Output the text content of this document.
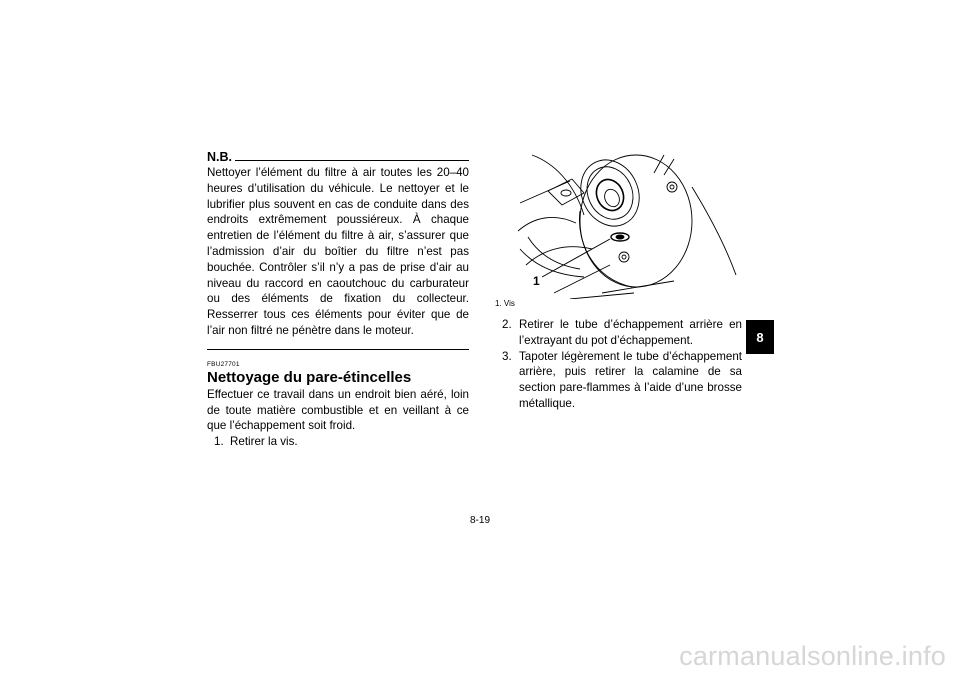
N.B.

Nettoyer l’élément du filtre à air toutes les 20–40 heures d’utilisation du véhicule. Le nettoyer et le lubrifier plus souvent en cas de conduite dans des endroits extrêmement poussiéreux. À chaque entretien de l’élément du filtre à air, s’assurer que l’admission d’air du boîtier du filtre n’est pas bouchée. Contrôler s’il n’y a pas de prise d’air au niveau du raccord en caoutchouc du carburateur ou des éléments de fixation du collecteur. Resserrer tous ces éléments pour éviter que de l’air non filtré ne pénètre dans le moteur.

FBU27701
Nettoyage du pare-étincelles

Effectuer ce travail dans un endroit bien aéré, loin de toute matière combustible et en veillant à ce que l’échappement soit froid.

1. Retirer la vis.
1
1. Vis
2. Retirer le tube d’échappement arrière en l’extrayant du pot d’échappement.
3. Tapoter légèrement le tube d’échappement arrière, puis retirer la calamine de sa section pare-flammes à l’aide d’une brosse métallique.
8
8-19
carmanualsonline.info
